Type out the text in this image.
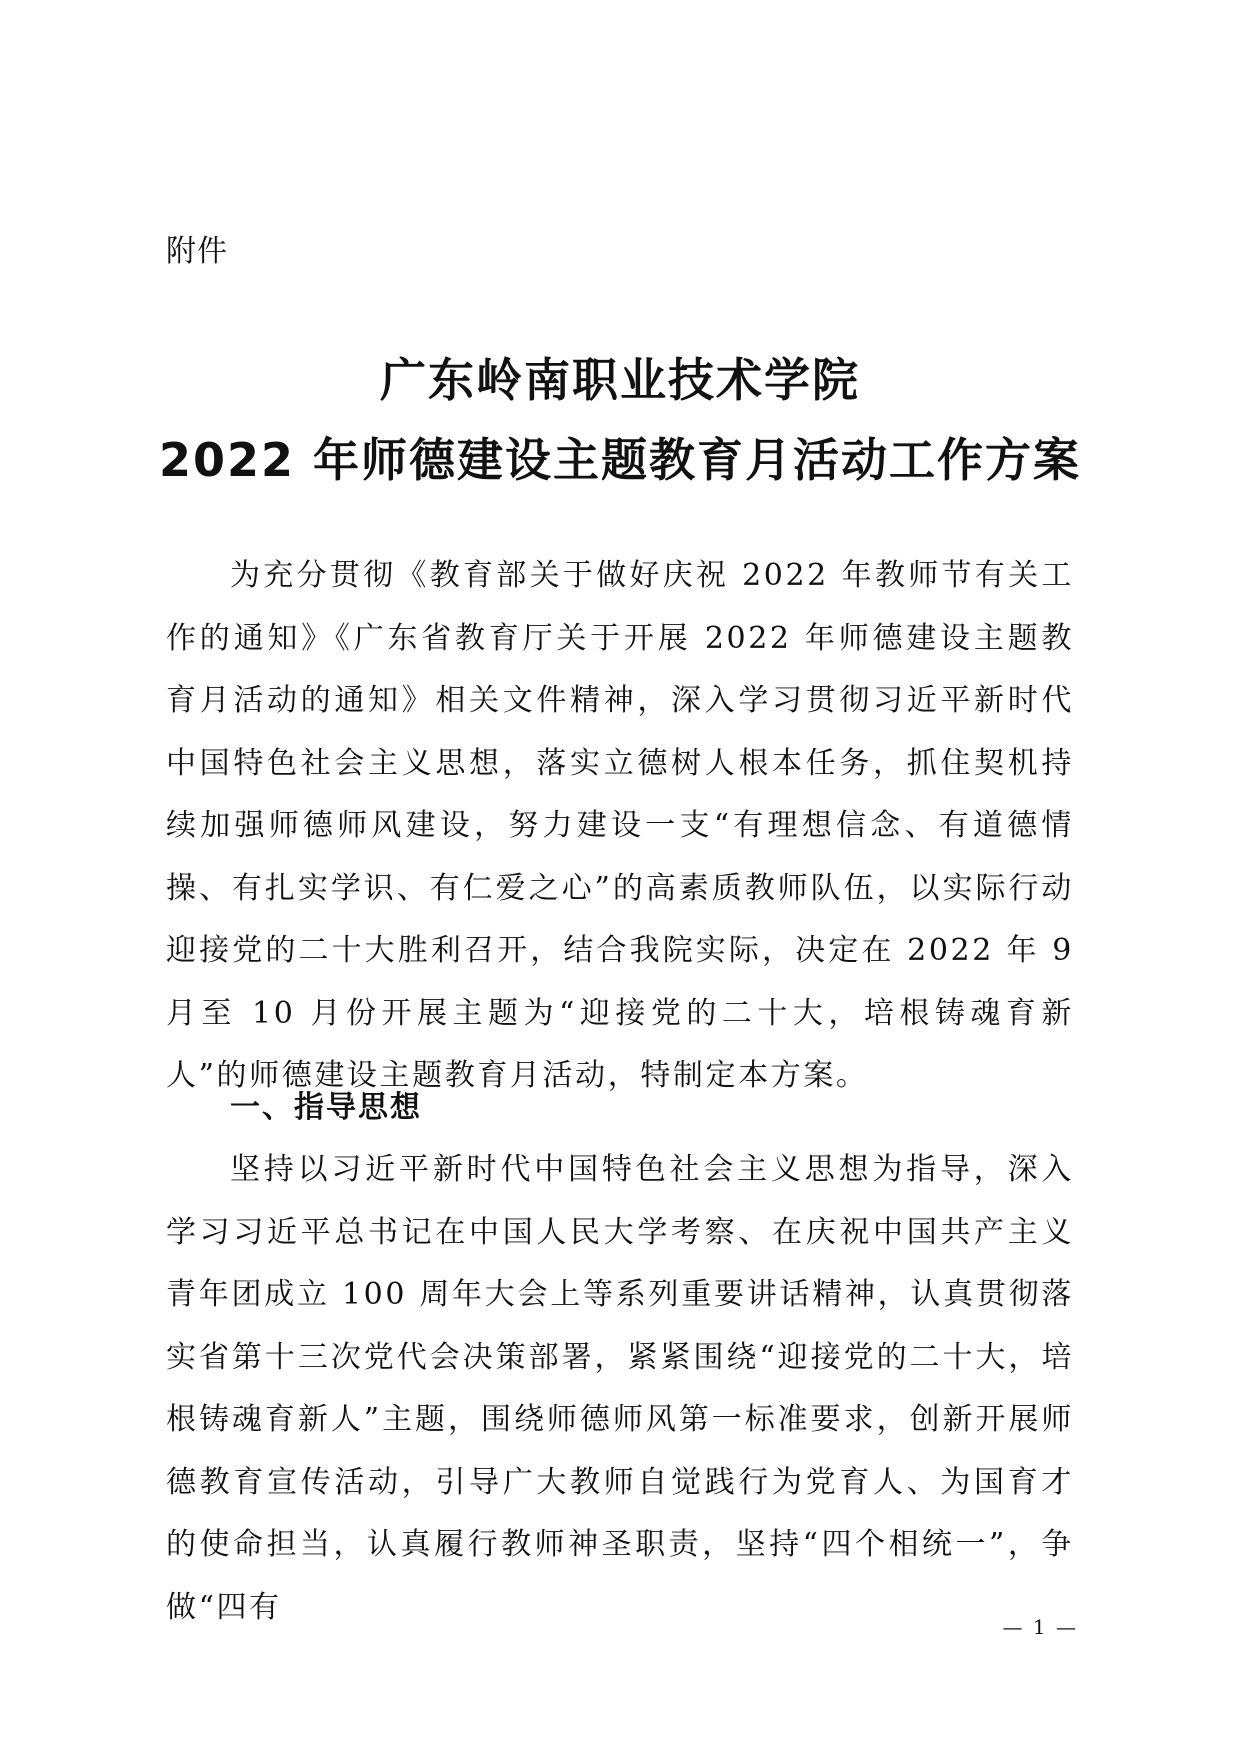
附件
广东岭南职业技术学院
2022 年师德建设主题教育月活动工作方案
为充分贯彻《教育部关于做好庆祝 2022 年教师节有关工作的通知》《广东省教育厅关于开展 2022 年师德建设主题教育月活动的通知》相关文件精神，深入学习贯彻习近平新时代中国特色社会主义思想，落实立德树人根本任务，抓住契机持续加强师德师风建设，努力建设一支“有理想信念、有道德情操、有扎实学识、有仁爱之心”的高素质教师队伍，以实际行动迎接党的二十大胜利召开，结合我院实际，决定在 2022 年 9 月至 10 月份开展主题为“迎接党的二十大，培根铸魂育新人”的师德建设主题教育月活动，特制定本方案。
一、指导思想
坚持以习近平新时代中国特色社会主义思想为指导，深入学习习近平总书记在中国人民大学考察、在庆祝中国共产主义青年团成立 100 周年大会上等系列重要讲话精神，认真贯彻落实省第十三次党代会决策部署，紧紧围绕“迎接党的二十大，培根铸魂育新人”主题，围绕师德师风第一标准要求，创新开展师德教育宣传活动，引导广大教师自觉践行为党育人、为国育才的使命担当，认真履行教师神圣职责，坚持“四个相统一”，争做“四有
— 1 —
